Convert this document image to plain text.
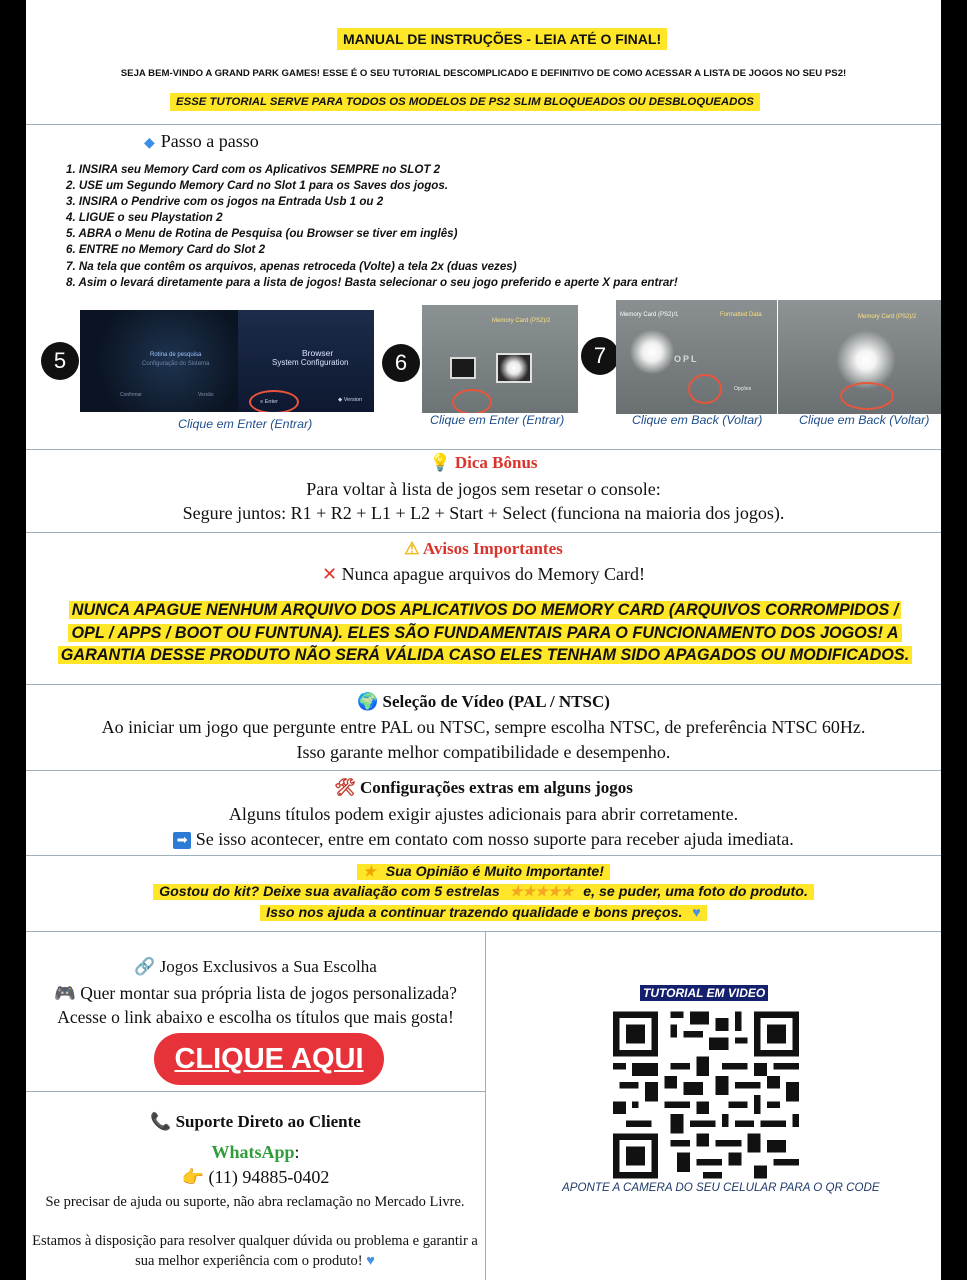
MANUAL DE INSTRUÇÕES - LEIA ATÉ O FINAL!
SEJA BEM-VINDO A GRAND PARK GAMES! ESSE É O SEU TUTORIAL DESCOMPLICADO E DEFINITIVO DE COMO ACESSAR A LISTA DE JOGOS NO SEU PS2!
ESSE TUTORIAL SERVE PARA TODOS OS MODELOS DE PS2 SLIM BLOQUEADOS OU DESBLOQUEADOS
◆ Passo a passo
1. INSIRA seu Memory Card com os Aplicativos SEMPRE no SLOT 2
2. USE um Segundo Memory Card no Slot 1 para os Saves dos jogos.
3. INSIRA o Pendrive com os jogos na Entrada Usb 1 ou 2
4. LIGUE o seu Playstation 2
5. ABRA o Menu de Rotina de Pesquisa (ou Browser se tiver em inglês)
6. ENTRE no Memory Card do Slot 2
7. Na tela que contêm os arquivos, apenas retroceda (Volte) a tela 2x (duas vezes)
8. Asim o levará diretamente para a lista de jogos! Basta selecionar o seu jogo preferido e aperte X para entrar!
5	Rotina de pesquisa
Configuração do Sistema
Confirmar	Versão
Browser
System Configuration
≡ Enter	◆ Version
Clique em Enter (Entrar)
6
Memory Card (PS2)/2
Clique em Enter (Entrar)
7
Memory Card (PS2)/1	Formatted Data
OPL
Opções
Memory Card (PS2)/2
Clique em Back (Voltar)	Clique em Back (Voltar)
💡 Dica Bônus
Para voltar à lista de jogos sem resetar o console:
Segure juntos: R1 + R2 + L1 + L2 + Start + Select (funciona na maioria dos jogos).
⚠ Avisos Importantes
✕ Nunca apague arquivos do Memory Card!
NUNCA APAGUE NENHUM ARQUIVO DOS APLICATIVOS DO MEMORY CARD (ARQUIVOS CORROMPIDOS /
OPL / APPS / BOOT OU FUNTUNA). ELES SÃO FUNDAMENTAIS PARA O FUNCIONAMENTO DOS JOGOS! A
GARANTIA DESSE PRODUTO NÃO SERÁ VÁLIDA CASO ELES TENHAM SIDO APAGADOS OU MODIFICADOS.
🌍 Seleção de Vídeo (PAL / NTSC)
Ao iniciar um jogo que pergunte entre PAL ou NTSC, sempre escolha NTSC, de preferência NTSC 60Hz.
Isso garante melhor compatibilidade e desempenho.
🛠 Configurações extras em alguns jogos
Alguns títulos podem exigir ajustes adicionais para abrir corretamente.
➡ Se isso acontecer, entre em contato com nosso suporte para receber ajuda imediata.
★ Sua Opinião é Muito Importante!
Gostou do kit? Deixe sua avaliação com 5 estrelas ★★★★★ e, se puder, uma foto do produto.
Isso nos ajuda a continuar trazendo qualidade e bons preços. ♥
🔗 Jogos Exclusivos a Sua Escolha
🎮 Quer montar sua própria lista de jogos personalizada?
Acesse o link abaixo e escolha os títulos que mais gosta!
CLIQUE AQUI
📞 Suporte Direto ao Cliente
WhatsApp:
👉 (11) 94885-0402
Se precisar de ajuda ou suporte, não abra reclamação no Mercado Livre.
Estamos à disposição para resolver qualquer dúvida ou problema e garantir a sua melhor experiência com o produto! ♥
TUTORIAL EM VIDEO
APONTE A CAMERA DO SEU CELULAR PARA O QR CODE
